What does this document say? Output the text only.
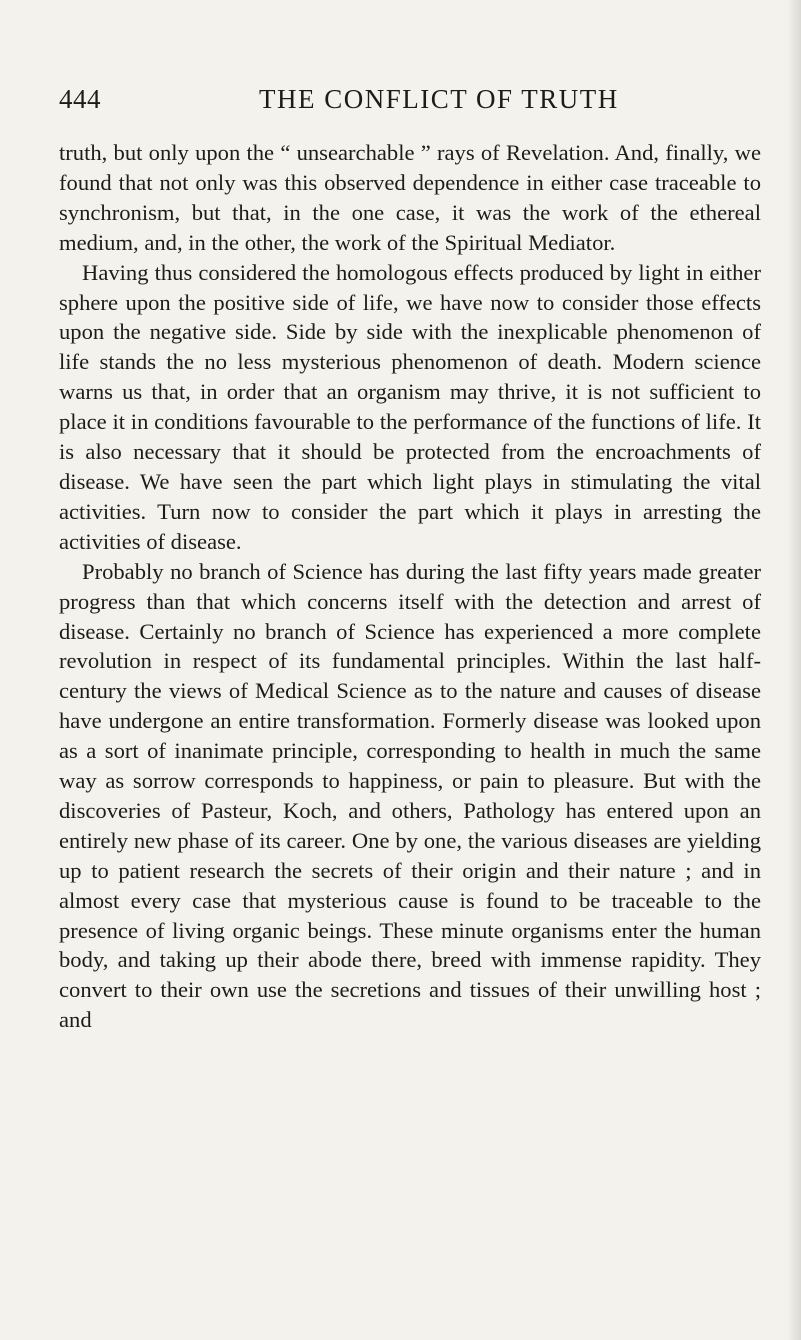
444	THE CONFLICT OF TRUTH

truth, but only upon the “ unsearchable ” rays of Revelation. And, finally, we found that not only was this observed dependence in either case traceable to synchronism, but that, in the one case, it was the work of the ethereal medium, and, in the other, the work of the Spiritual Mediator.

Having thus considered the homologous effects produced by light in either sphere upon the positive side of life, we have now to consider those effects upon the negative side. Side by side with the inexplicable phenomenon of life stands the no less mysterious phenomenon of death. Modern science warns us that, in order that an organism may thrive, it is not sufficient to place it in conditions favourable to the performance of the functions of life. It is also necessary that it should be protected from the encroachments of disease. We have seen the part which light plays in stimulating the vital activities. Turn now to consider the part which it plays in arresting the activities of disease.

Probably no branch of Science has during the last fifty years made greater progress than that which concerns itself with the detection and arrest of disease. Certainly no branch of Science has experienced a more complete revolution in respect of its fundamental principles. Within the last half-century the views of Medical Science as to the nature and causes of disease have undergone an entire transformation. Formerly disease was looked upon as a sort of inanimate principle, corresponding to health in much the same way as sorrow corresponds to happiness, or pain to pleasure. But with the discoveries of Pasteur, Koch, and others, Pathology has entered upon an entirely new phase of its career. One by one, the various diseases are yielding up to patient research the secrets of their origin and their nature ; and in almost every case that mysterious cause is found to be traceable to the presence of living organic beings. These minute organisms enter the human body, and taking up their abode there, breed with immense rapidity. They convert to their own use the secretions and tissues of their unwilling host ; and
